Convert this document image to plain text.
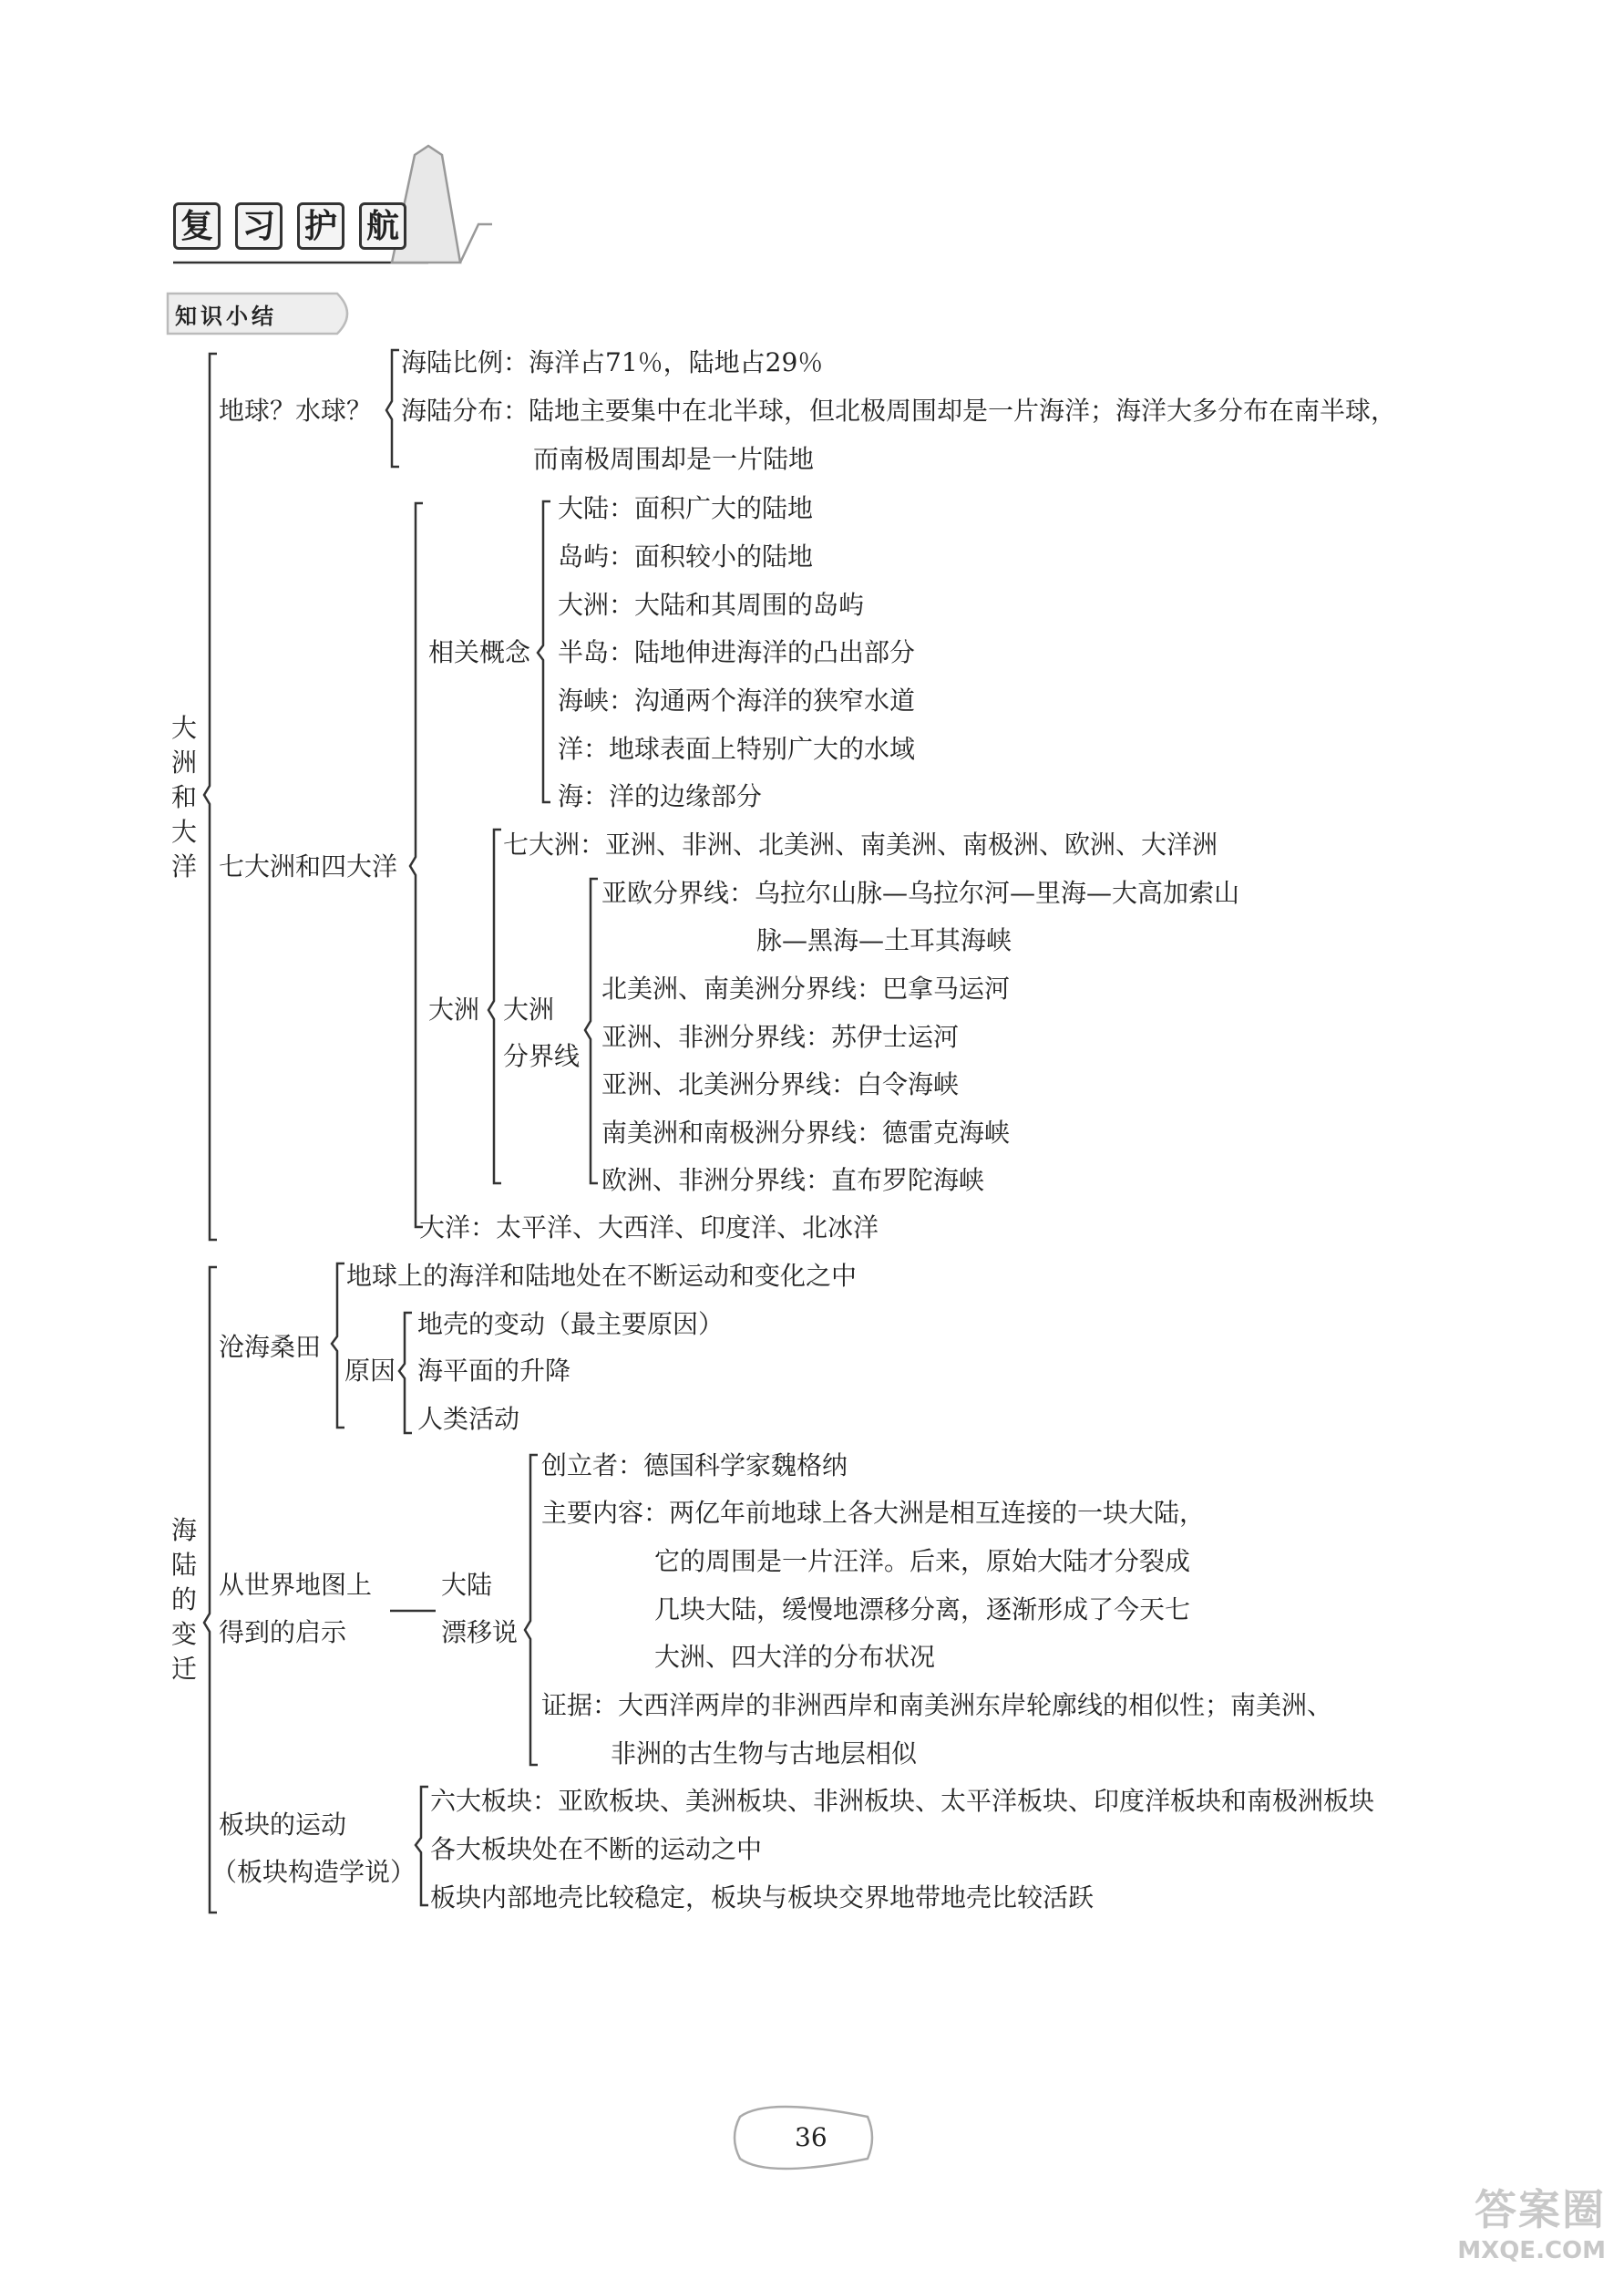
复 习 护 航
知识小结
大
洲
和
大
洋
地球？水球？
海陆比例：海洋占71％，陆地占29％
海陆分布：陆地主要集中在北半球，但北极周围却是一片海洋；海洋大多分布在南半球，
而南极周围却是一片陆地
七大洲和四大洋
相关概念
大陆：面积广大的陆地
岛屿：面积较小的陆地
大洲：大陆和其周围的岛屿
半岛：陆地伸进海洋的凸出部分
海峡：沟通两个海洋的狭窄水道
洋：地球表面上特别广大的水域
海：洋的边缘部分
大洲
七大洲：亚洲、非洲、北美洲、南美洲、南极洲、欧洲、大洋洲
大洲
分界线
亚欧分界线：乌拉尔山脉—乌拉尔河—里海—大高加索山
脉—黑海—土耳其海峡
北美洲、南美洲分界线：巴拿马运河
亚洲、非洲分界线：苏伊士运河
亚洲、北美洲分界线：白令海峡
南美洲和南极洲分界线：德雷克海峡
欧洲、非洲分界线：直布罗陀海峡
大洋：太平洋、大西洋、印度洋、北冰洋
海
陆
的
变
迁
沧海桑田
地球上的海洋和陆地处在不断运动和变化之中
原因
地壳的变动（最主要原因）
海平面的升降
人类活动
从世界地图上
得到的启示
大陆
漂移说
创立者：德国科学家魏格纳
主要内容：两亿年前地球上各大洲是相互连接的一块大陆，
它的周围是一片汪洋。后来，原始大陆才分裂成
几块大陆，缓慢地漂移分离，逐渐形成了今天七
大洲、四大洋的分布状况
证据：大西洋两岸的非洲西岸和南美洲东岸轮廓线的相似性；南美洲、
非洲的古生物与古地层相似
板块的运动
（板块构造学说）
六大板块：亚欧板块、美洲板块、非洲板块、太平洋板块、印度洋板块和南极洲板块
各大板块处在不断的运动之中
板块内部地壳比较稳定，板块与板块交界地带地壳比较活跃
36
答案圈
MXQE.COM
